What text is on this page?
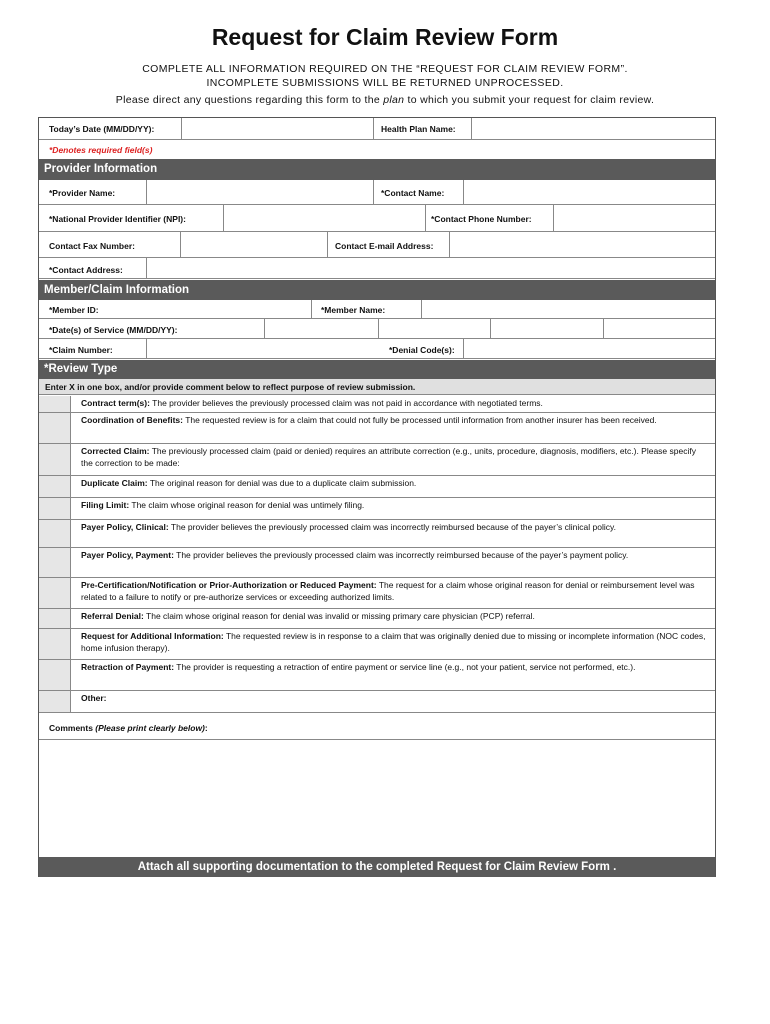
Request for Claim Review Form
COMPLETE ALL INFORMATION REQUIRED ON THE “REQUEST FOR CLAIM REVIEW FORM”.
INCOMPLETE SUBMISSIONS WILL BE RETURNED UNPROCESSED.
Please direct any questions regarding this form to the plan to which you submit your request for claim review.
Today’s Date (MM/DD/YY):	Health Plan Name:
*Denotes required field(s)
Provider Information
*Provider Name:	*Contact Name:
*National Provider Identifier (NPI):	*Contact Phone Number:
Contact Fax Number:	Contact E-mail Address:
*Contact Address:
Member/Claim Information
*Member ID:	*Member Name:
*Date(s) of Service (MM/DD/YY):
*Claim Number:	*Denial Code(s):
*Review Type
Enter X in one box, and/or provide comment below to reflect purpose of review submission.
Contract term(s): The provider believes the previously processed claim was not paid in accordance with negotiated terms.
Coordination of Benefits: The requested review is for a claim that could not fully be processed until information from another insurer has been received.
Corrected Claim: The previously processed claim (paid or denied) requires an attribute correction (e.g., units, procedure, diagnosis, modifiers, etc.). Please specify the correction to be made:
Duplicate Claim: The original reason for denial was due to a duplicate claim submission.
Filing Limit: The claim whose original reason for denial was untimely filing.
Payer Policy, Clinical: The provider believes the previously processed claim was incorrectly reimbursed because of the payer’s clinical policy.
Payer Policy, Payment: The provider believes the previously processed claim was incorrectly reimbursed because of the payer’s payment policy.
Pre-Certification/Notification or Prior-Authorization or Reduced Payment: The request for a claim whose original reason for denial or reimbursement level was related to a failure to notify or pre-authorize services or exceeding authorized limits.
Referral Denial: The claim whose original reason for denial was invalid or missing primary care physician (PCP) referral.
Request for Additional Information: The requested review is in response to a claim that was originally denied due to missing or incomplete information (NOC codes, home infusion therapy).
Retraction of Payment: The provider is requesting a retraction of entire payment or service line (e.g., not your patient, service not performed, etc.).
Other:
Comments (Please print clearly below):
Attach all supporting documentation to the completed Request for Claim Review Form .
